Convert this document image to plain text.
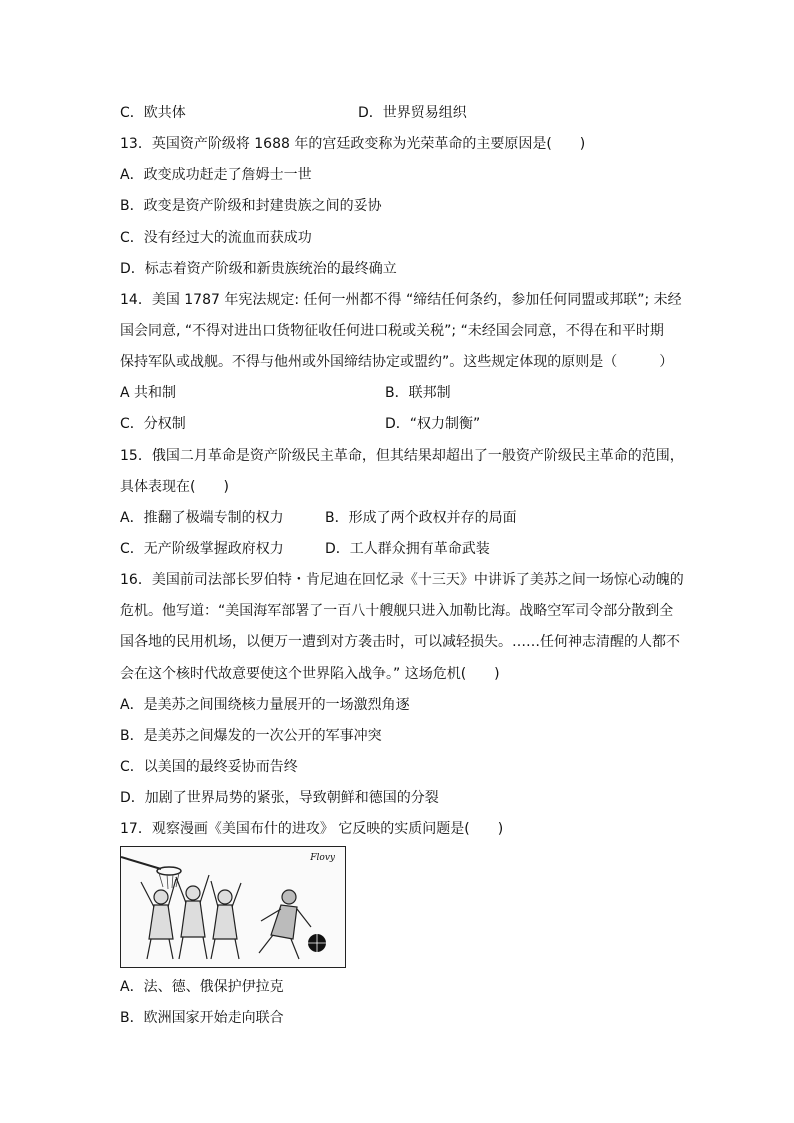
C．欧共体	D．世界贸易组织
13．英国资产阶级将 1688 年的宫廷政变称为光荣革命的主要原因是(　　)
A．政变成功赶走了詹姆士一世
B．政变是资产阶级和封建贵族之间的妥协
C．没有经过大的流血而获成功
D．标志着资产阶级和新贵族统治的最终确立
14．美国 1787 年宪法规定: 任何一州都不得 “缔结任何条约，参加任何同盟或邦联”; 未经
国会同意, “不得对进出口货物征收任何进口税或关税”; “未经国会同意，不得在和平时期
保持军队或战舰。不得与他州或外国缔结协定或盟约”。这些规定体现的原则是（　　　）
A 共和制	B．联邦制
C．分权制	D．“权力制衡”
15．俄国二月革命是资产阶级民主革命，但其结果却超出了一般资产阶级民主革命的范围，
具体表现在(　　)
A．推翻了极端专制的权力	B．形成了两个政权并存的局面
C．无产阶级掌握政府权力	D．工人群众拥有革命武装
16．美国前司法部长罗伯特・肯尼迪在回忆录《十三天》中讲诉了美苏之间一场惊心动魄的
危机。他写道：“美国海军部署了一百八十艘舰只进入加勒比海。战略空军司令部分散到全
国各地的民用机场，以便万一遭到对方袭击时，可以减轻损失。……任何神志清醒的人都不
会在这个核时代故意要使这个世界陷入战争。” 这场危机(　　)
A．是美苏之间围绕核力量展开的一场激烈角逐
B．是美苏之间爆发的一次公开的军事冲突
C．以美国的最终妥协而告终
D．加剧了世界局势的紧张，导致朝鲜和德国的分裂
17．观察漫画《美国布什的进攻》 它反映的实质问题是(　　)
Flovy
A．法、德、俄保护伊拉克
B．欧洲国家开始走向联合
